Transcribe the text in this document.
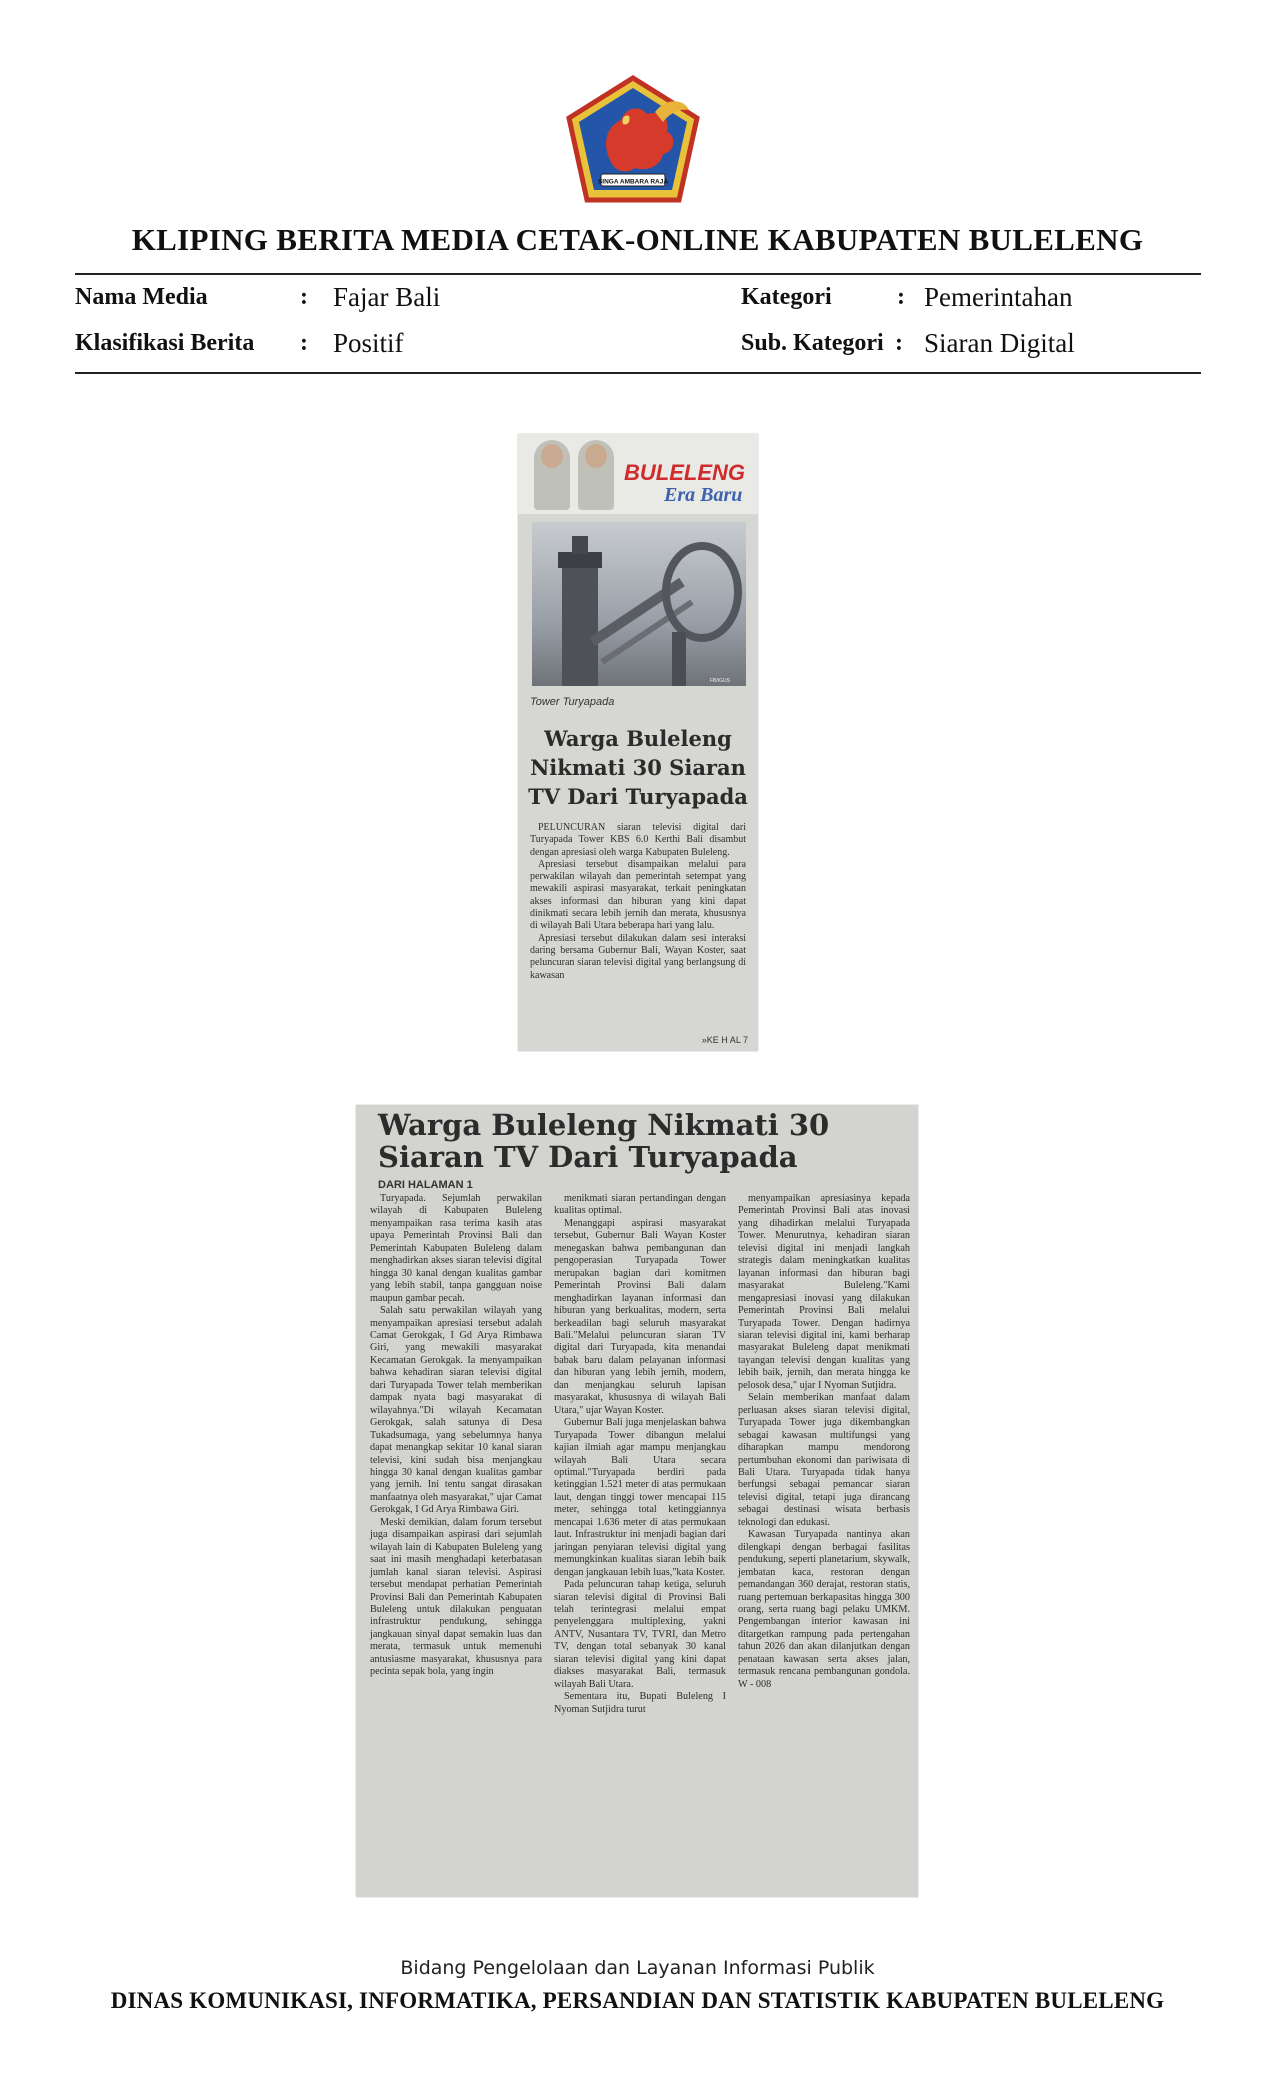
SINGA AMBARA RAJA
KLIPING BERITA MEDIA CETAK-ONLINE KABUPATEN BULELENG
Nama Media	: Fajar Bali
Klasifikasi Berita : Positif
Kategori	: Pemerintahan
Sub. Kategori : Siaran Digital
BULELENG
Era Baru
FB/IGUS
Tower Turyapada
Warga Buleleng
Nikmati 30 Siaran
TV Dari Turyapada

PELUNCURAN siaran televisi digital dari Turyapada Tower KBS 6.0 Kerthi Bali disambut dengan apresiasi oleh warga Kabupaten Buleleng.

Apresiasi tersebut disampaikan melalui para perwakilan wilayah dan pemerintah setempat yang mewakili aspirasi masyarakat, terkait peningkatan akses informasi dan hiburan yang kini dapat dinikmati secara lebih jernih dan merata, khususnya di wilayah Bali Utara beberapa hari yang lalu.

Apresiasi tersebut dilakukan dalam sesi interaksi daring bersama Gubernur Bali, Wayan Koster, saat peluncuran siaran televisi digital yang berlangsung di kawasan

»KE H AL 7
Warga Buleleng Nikmati 30 Siaran TV Dari Turyapada
DARI HALAMAN 1

Turyapada. Sejumlah perwakilan wilayah di Kabupaten Buleleng menyampaikan rasa terima kasih atas upaya Pemerintah Provinsi Bali dan Pemerintah Kabupaten Buleleng dalam menghadirkan akses siaran televisi digital hingga 30 kanal dengan kualitas gambar yang lebih stabil, tanpa gangguan noise maupun gambar pecah.

Salah satu perwakilan wilayah yang menyampaikan apresiasi tersebut adalah Camat Gerokgak, I Gd Arya Rimbawa Giri, yang mewakili masyarakat Kecamatan Gerokgak. Ia menyampaikan bahwa kehadiran siaran televisi digital dari Turyapada Tower telah memberikan dampak nyata bagi masyarakat di wilayahnya."Di wilayah Kecamatan Gerokgak, salah satunya di Desa Tukadsumaga, yang sebelumnya hanya dapat menangkap sekitar 10 kanal siaran televisi, kini sudah bisa menjangkau hingga 30 kanal dengan kualitas gambar yang jernih. Ini tentu sangat dirasakan manfaatnya oleh masyarakat," ujar Camat Gerokgak, I Gd Arya Rimbawa Giri.

Meski demikian, dalam forum tersebut juga disampaikan aspirasi dari sejumlah wilayah lain di Kabupaten Buleleng yang saat ini masih menghadapi keterbatasan jumlah kanal siaran televisi. Aspirasi tersebut mendapat perhatian Pemerintah Provinsi Bali dan Pemerintah Kabupaten Buleleng untuk dilakukan penguatan infrastruktur pendukung, sehingga jangkauan sinyal dapat semakin luas dan merata, termasuk untuk memenuhi antusiasme masyarakat, khususnya para pecinta sepak bola, yang ingin

menikmati siaran pertandingan dengan kualitas optimal.

Menanggapi aspirasi masyarakat tersebut, Gubernur Bali Wayan Koster menegaskan bahwa pembangunan dan pengoperasian Turyapada Tower merupakan bagian dari komitmen Pemerintah Provinsi Bali dalam menghadirkan layanan informasi dan hiburan yang berkualitas, modern, serta berkeadilan bagi seluruh masyarakat Bali."Melalui peluncuran siaran TV digital dari Turyapada, kita menandai babak baru dalam pelayanan informasi dan hiburan yang lebih jernih, modern, dan menjangkau seluruh lapisan masyarakat, khususnya di wilayah Bali Utara," ujar Wayan Koster.

Gubernur Bali juga menjelaskan bahwa Turyapada Tower dibangun melalui kajian ilmiah agar mampu menjangkau wilayah Bali Utara secara optimal."Turyapada berdiri pada ketinggian 1.521 meter di atas permukaan laut, dengan tinggi tower mencapai 115 meter, sehingga total ketinggiannya mencapai 1.636 meter di atas permukaan laut. Infrastruktur ini menjadi bagian dari jaringan penyiaran televisi digital yang memungkinkan kualitas siaran lebih baik dengan jangkauan lebih luas,"kata Koster.

Pada peluncuran tahap ketiga, seluruh siaran televisi digital di Provinsi Bali telah terintegrasi melalui empat penyelenggara multiplexing, yakni ANTV, Nusantara TV, TVRI, dan Metro TV, dengan total sebanyak 30 kanal siaran televisi digital yang kini dapat diakses masyarakat Bali, termasuk wilayah Bali Utara.

Sementara itu, Bupati Buleleng I Nyoman Sutjidra turut

menyampaikan apresiasinya kepada Pemerintah Provinsi Bali atas inovasi yang dihadirkan melalui Turyapada Tower. Menurutnya, kehadiran siaran televisi digital ini menjadi langkah strategis dalam meningkatkan kualitas layanan informasi dan hiburan bagi masyarakat Buleleng."Kami mengapresiasi inovasi yang dilakukan Pemerintah Provinsi Bali melalui Turyapada Tower. Dengan hadirnya siaran televisi digital ini, kami berharap masyarakat Buleleng dapat menikmati tayangan televisi dengan kualitas yang lebih baik, jernih, dan merata hingga ke pelosok desa," ujar I Nyoman Sutjidra.

Selain memberikan manfaat dalam perluasan akses siaran televisi digital, Turyapada Tower juga dikembangkan sebagai kawasan multifungsi yang diharapkan mampu mendorong pertumbuhan ekonomi dan pariwisata di Bali Utara. Turyapada tidak hanya berfungsi sebagai pemancar siaran televisi digital, tetapi juga dirancang sebagai destinasi wisata berbasis teknologi dan edukasi.

Kawasan Turyapada nantinya akan dilengkapi dengan berbagai fasilitas pendukung, seperti planetarium, skywalk, jembatan kaca, restoran dengan pemandangan 360 derajat, restoran statis, ruang pertemuan berkapasitas hingga 300 orang, serta ruang bagi pelaku UMKM. Pengembangan interior kawasan ini ditargetkan rampung pada pertengahan tahun 2026 dan akan dilanjutkan dengan penataan kawasan serta akses jalan, termasuk rencana pembangunan gondola. W - 008

Bidang Pengelolaan dan Layanan Informasi Publik
DINAS KOMUNIKASI, INFORMATIKA, PERSANDIAN DAN STATISTIK KABUPATEN BULELENG
